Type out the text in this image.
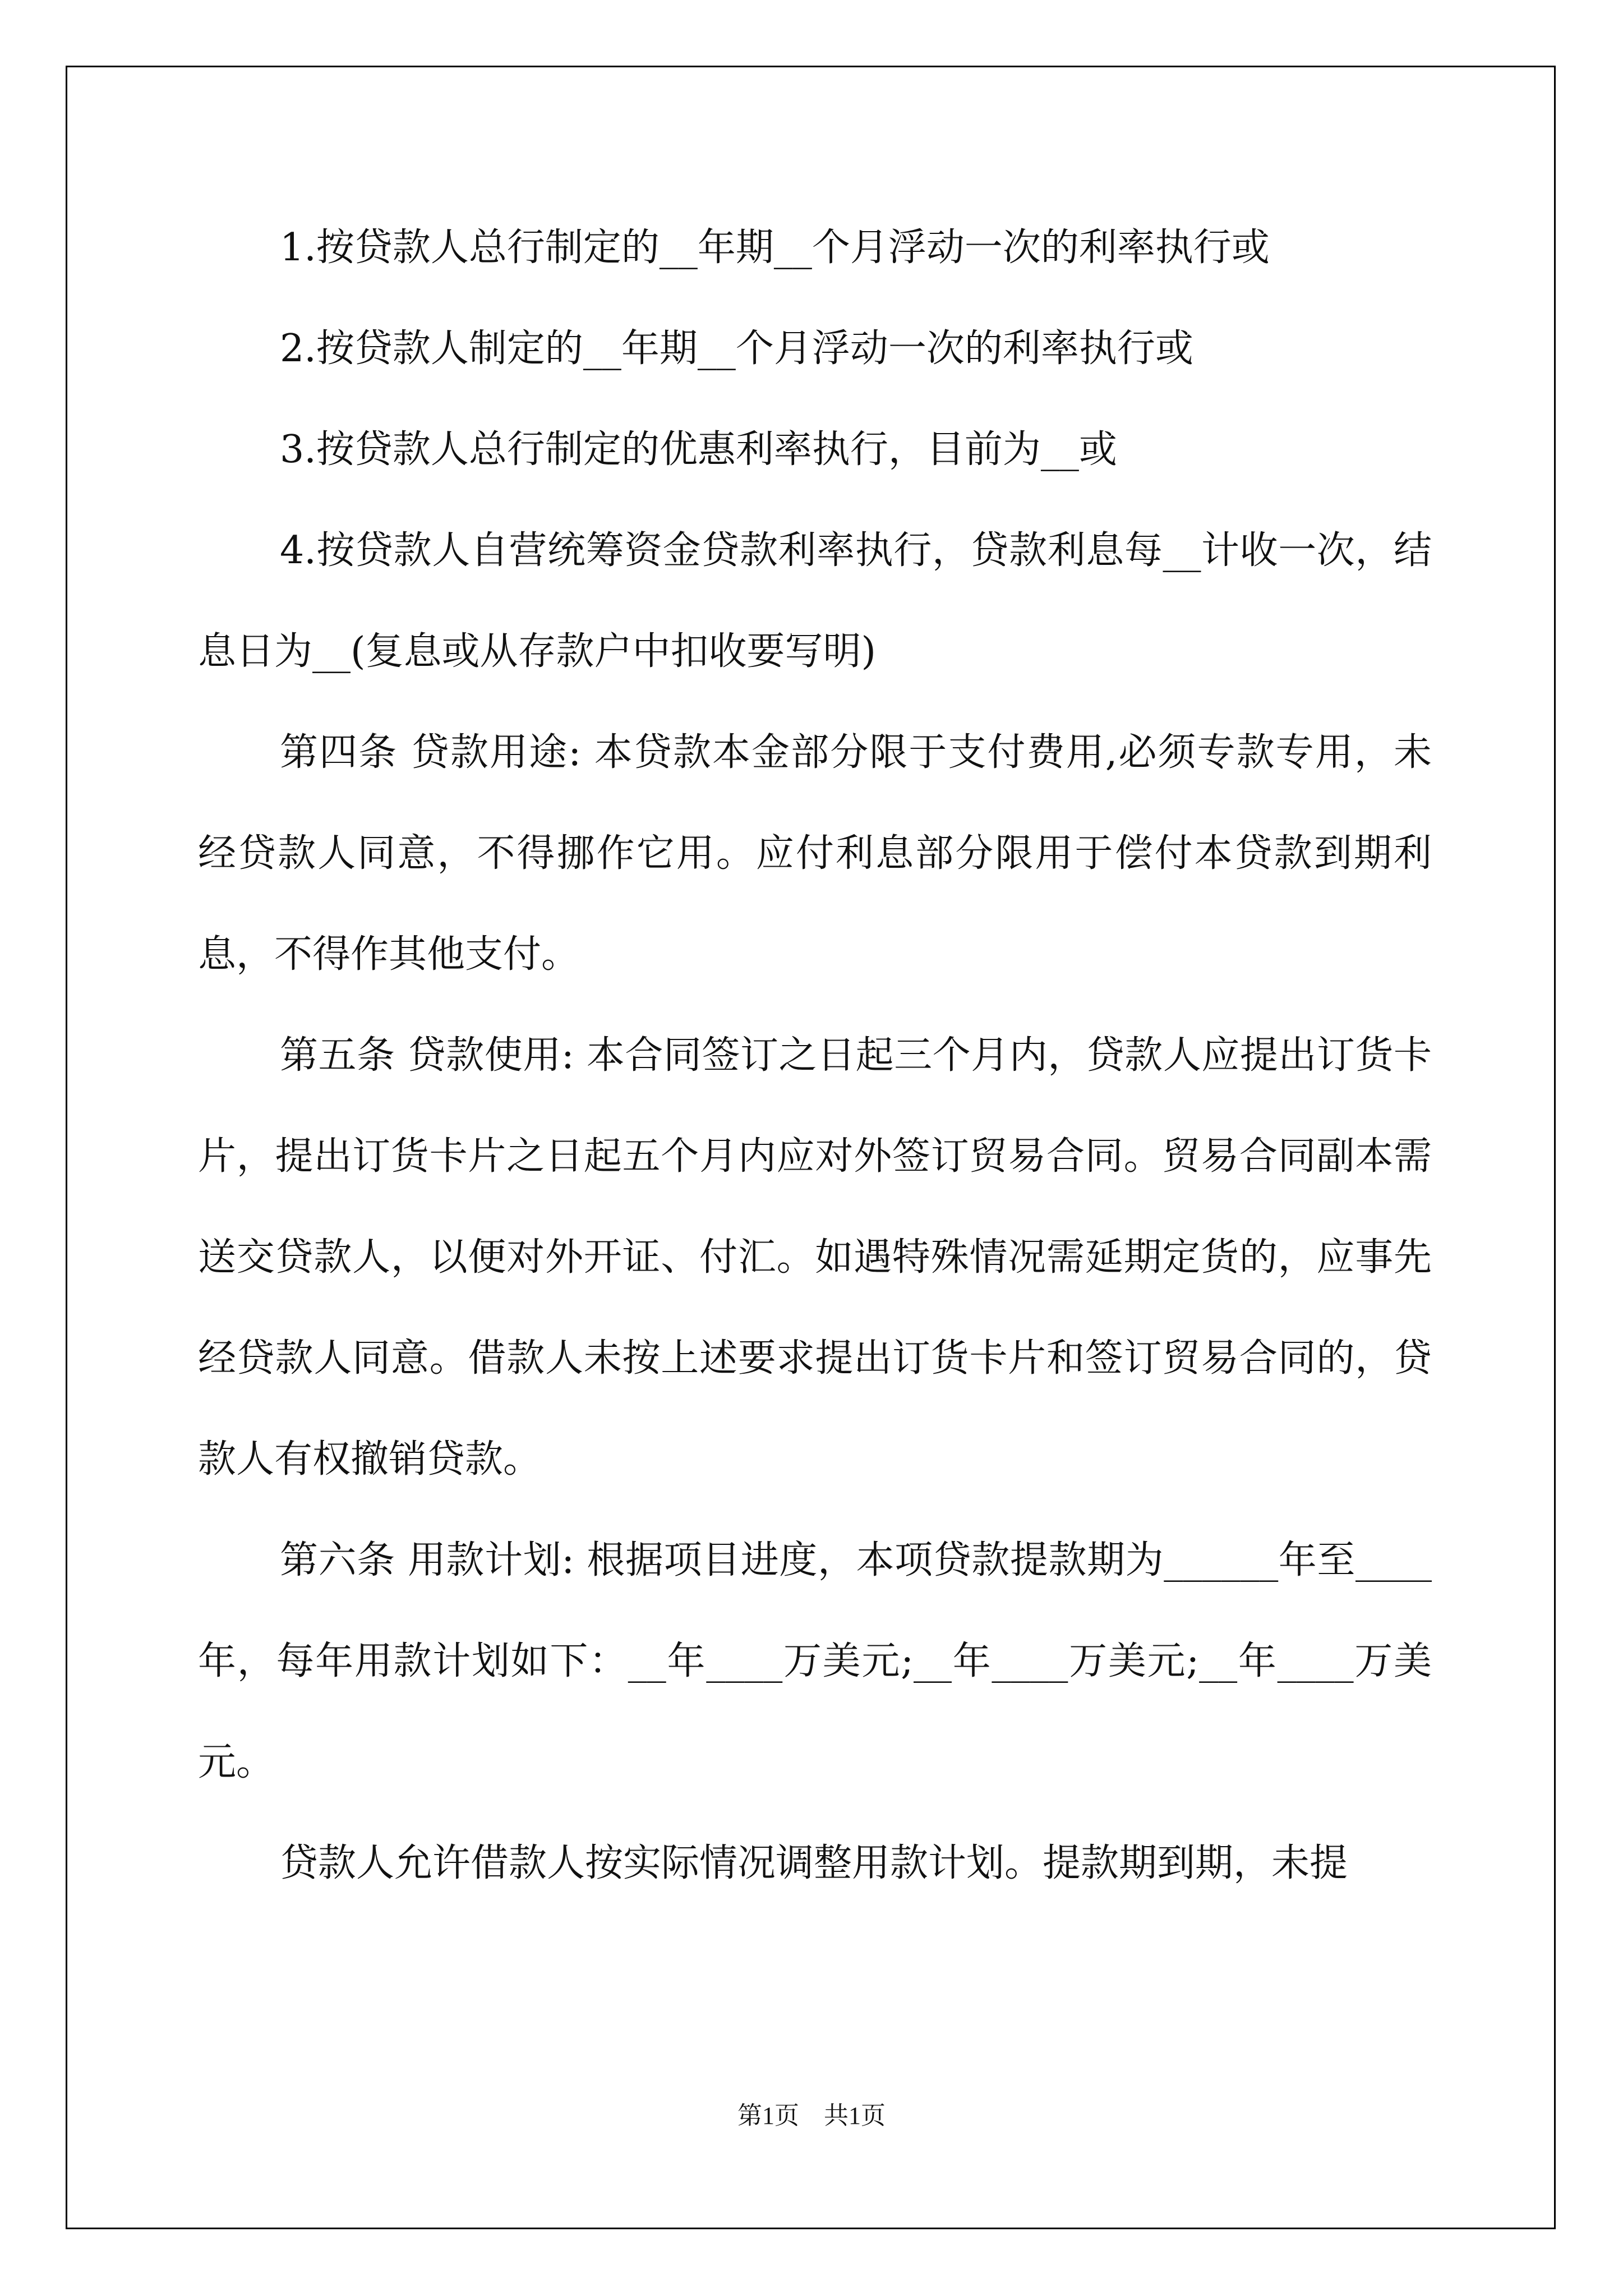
1.按贷款人总行制定的__年期__个月浮动一次的利率执行或

2.按贷款人制定的__年期__个月浮动一次的利率执行或

3.按贷款人总行制定的优惠利率执行，目前为__或

4.按贷款人自营统筹资金贷款利率执行，贷款利息每__计收一次，结息日为__(复息或从存款户中扣收要写明)

第四条 贷款用途: 本贷款本金部分限于支付费用,必须专款专用，未经贷款人同意，不得挪作它用。应付利息部分限用于偿付本贷款到期利息，不得作其他支付。

第五条 贷款使用: 本合同签订之日起三个月内，贷款人应提出订货卡片，提出订货卡片之日起五个月内应对外签订贸易合同。贸易合同副本需送交贷款人，以便对外开证、付汇。如遇特殊情况需延期定货的，应事先经贷款人同意。借款人未按上述要求提出订货卡片和签订贸易合同的，贷款人有权撤销贷款。

第六条 用款计划: 根据项目进度，本项贷款提款期为______年至____年，每年用款计划如下：__年____万美元;__年____万美元;__年____万美元。

贷款人允许借款人按实际情况调整用款计划。提款期到期，未提

第1页　共1页
